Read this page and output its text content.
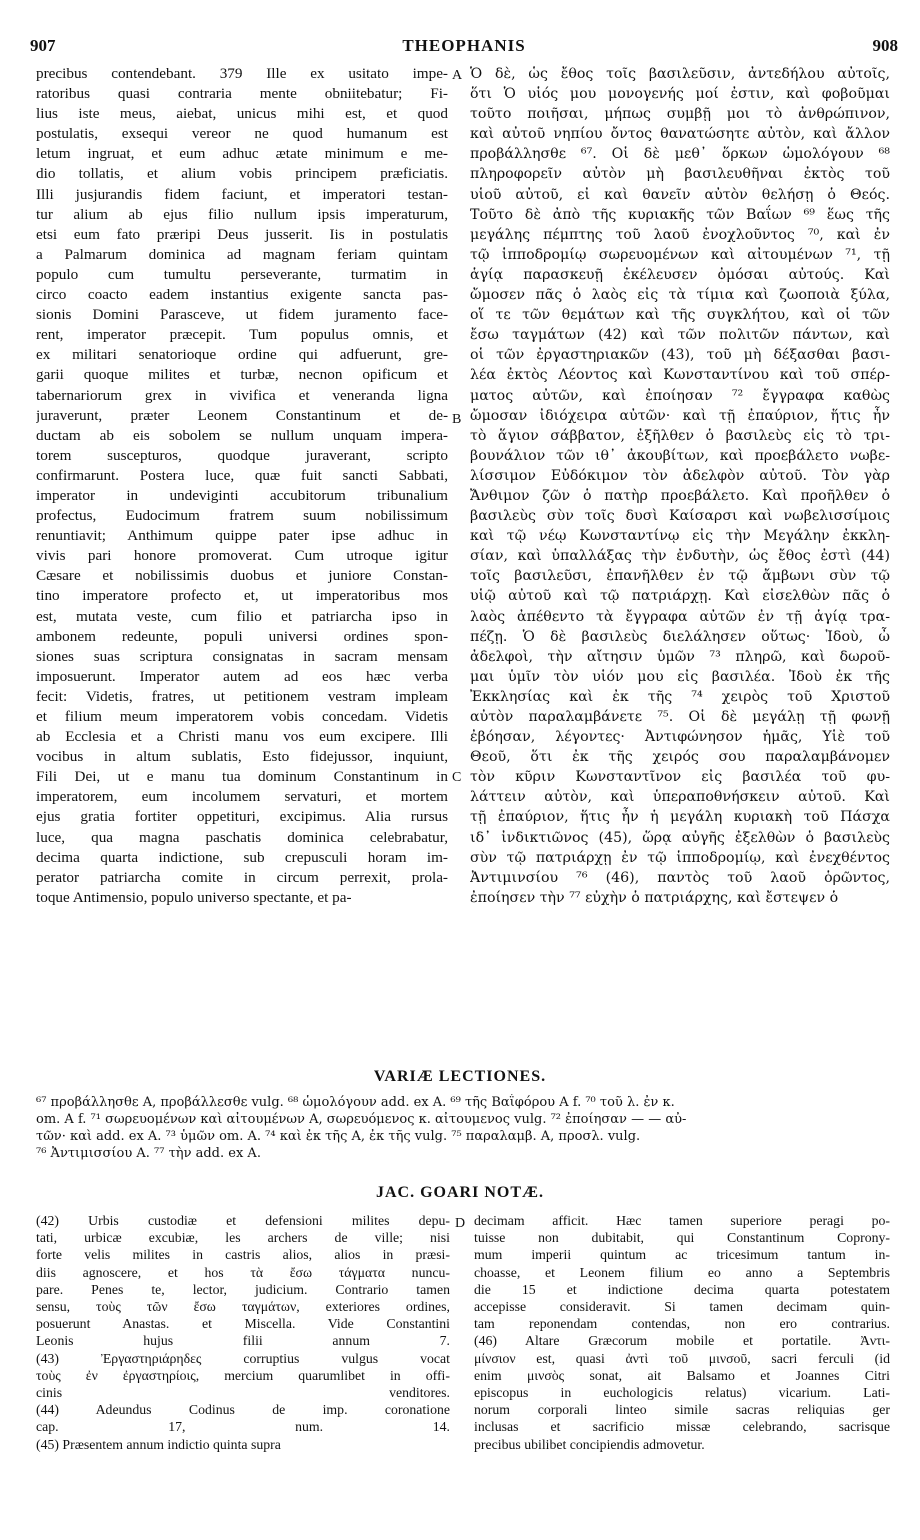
907	THEOPHANIS	908
A
B
C
D
precibus contendebant. 379 Ille ex usitato impe-
ratoribus quasi contraria mente obniitebatur; Fi-
lius iste meus, aiebat, unicus mihi est, et quod
postulatis, exsequi vereor ne quod humanum est
letum ingruat, et eum adhuc ætate minimum e me-
dio tollatis, et alium vobis principem præficiatis.
Illi jusjurandis fidem faciunt, et imperatori testan-
tur alium ab ejus filio nullum ipsis imperaturum,
etsi eum fato præripi Deus jusserit. Iis in postulatis
a Palmarum dominica ad magnam feriam quintam
populo cum tumultu perseverante, turmatim in
circo coacto eadem instantius exigente sancta pas-
sionis Domini Parasceve, ut fidem juramento face-
rent, imperator præcepit. Tum populus omnis, et
ex militari senatorioque ordine qui adfuerunt, gre-
garii quoque milites et turbæ, necnon opificum et
tabernariorum grex in vivifica et veneranda ligna
juraverunt, præter Leonem Constantinum et de-
ductam ab eis sobolem se nullum unquam impera-
torem suscepturos, quodque juraverant, scripto
confirmarunt. Postera luce, quæ fuit sancti Sabbati,
imperator in undeviginti accubitorum tribunalium
profectus, Eudocimum fratrem suum nobilissimum
renuntiavit; Anthimum quippe pater ipse adhuc in
vivis pari honore promoverat. Cum utroque igitur
Cæsare et nobilissimis duobus et juniore Constan-
tino imperatore profecto et, ut imperatoribus mos
est, mutata veste, cum filio et patriarcha ipso in
ambonem redeunte, populi universi ordines spon-
siones suas scriptura consignatas in sacram mensam
imposuerunt. Imperator autem ad eos hæc verba
fecit: Videtis, fratres, ut petitionem vestram impleam
et filium meum imperatorem vobis concedam. Videtis
ab Ecclesia et a Christi manu vos eum excipere. Illi
vocibus in altum sublatis, Esto fidejussor, inquiunt,
Fili Dei, ut e manu tua dominum Constantinum in
imperatorem, eum incolumem servaturi, et mortem
ejus gratia fortiter oppetituri, excipimus. Alia rursus
luce, qua magna paschatis dominica celebrabatur,
decima quarta indictione, sub crepusculi horam im-
perator patriarcha comite in circum perrexit, prola-
toque Antimensio, populo universo spectante, et pa-
Ὁ δὲ, ὡς ἔθος τοῖς βασιλεῦσιν, ἀντεδήλου αὐτοῖς,
ὅτι Ὁ υἱός μου μονογενής μοί ἐστιν, καὶ φοβοῦμαι
τοῦτο ποιῆσαι, μήπως συμβῇ μοι τὸ ἀνθρώπινον,
καὶ αὐτοῦ νηπίου ὄντος θανατώσητε αὐτὸν, καὶ ἄλλον
προβάλλησθε ⁶⁷. Οἱ δὲ μεθ᾽ ὅρκων ὡμολόγουν ⁶⁸
πληροφορεῖν αὐτὸν μὴ βασιλευθῆναι ἐκτὸς τοῦ
υἱοῦ αὐτοῦ, εἰ καὶ θανεῖν αὐτὸν θελήσῃ ὁ Θεός.
Τοῦτο δὲ ἀπὸ τῆς κυριακῆς τῶν Βαΐων ⁶⁹ ἕως τῆς
μεγάλης πέμπτης τοῦ λαοῦ ἐνοχλοῦντος ⁷⁰, καὶ ἐν
τῷ ἱπποδρομίῳ σωρευομένων καὶ αἰτουμένων ⁷¹, τῇ
ἁγίᾳ παρασκευῇ ἐκέλευσεν ὀμόσαι αὐτούς. Καὶ
ὤμοσεν πᾶς ὁ λαὸς εἰς τὰ τίμια καὶ ζωοποιὰ ξύλα,
οἵ τε τῶν θεμάτων καὶ τῆς συγκλήτου, καὶ οἱ τῶν
ἔσω ταγμάτων (42) καὶ τῶν πολιτῶν πάντων, καὶ
οἱ τῶν ἐργαστηριακῶν (43), τοῦ μὴ δέξασθαι βασι-
λέα ἐκτὸς Λέοντος καὶ Κωνσταντίνου καὶ τοῦ σπέρ-
ματος αὐτῶν, καὶ ἐποίησαν ⁷² ἔγγραφα καθὼς
ὤμοσαν ἰδιόχειρα αὐτῶν· καὶ τῇ ἐπαύριον, ἥτις ἦν
τὸ ἅγιον σάββατον, ἐξῆλθεν ὁ βασιλεὺς εἰς τὸ τρι-
βουνάλιον τῶν ιθ᾽ ἀκουβίτων, καὶ προεβάλετο νωβε-
λίσσιμον Εὐδόκιμον τὸν ἀδελφὸν αὐτοῦ. Τὸν γὰρ
Ἄνθιμον ζῶν ὁ πατὴρ προεβάλετο. Καὶ προῆλθεν ὁ
βασιλεὺς σὺν τοῖς δυσὶ Καίσαρσι καὶ νωβελισσίμοις
καὶ τῷ νέῳ Κωνσταντίνῳ εἰς τὴν Μεγάλην ἐκκλη-
σίαν, καὶ ὑπαλλάξας τὴν ἐνδυτὴν, ὡς ἔθος ἐστὶ (44)
τοῖς βασιλεῦσι, ἐπανῆλθεν ἐν τῷ ἄμβωνι σὺν τῷ
υἱῷ αὐτοῦ καὶ τῷ πατριάρχῃ. Καὶ εἰσελθὼν πᾶς ὁ
λαὸς ἀπέθεντο τὰ ἔγγραφα αὐτῶν ἐν τῇ ἁγίᾳ τρα-
πέζῃ. Ὁ δὲ βασιλεὺς διελάλησεν οὕτως· Ἰδοὺ, ὦ
ἀδελφοὶ, τὴν αἴτησιν ὑμῶν ⁷³ πληρῶ, καὶ δωροῦ-
μαι ὑμῖν τὸν υἱόν μου εἰς βασιλέα. Ἰδοὺ ἐκ τῆς
Ἐκκλησίας καὶ ἐκ τῆς ⁷⁴ χειρὸς τοῦ Χριστοῦ
αὐτὸν παραλαμβάνετε ⁷⁵. Οἱ δὲ μεγάλῃ τῇ φωνῇ
ἐβόησαν, λέγοντες· Ἀντιφώνησον ἡμᾶς, Υἱὲ τοῦ
Θεοῦ, ὅτι ἐκ τῆς χειρός σου παραλαμβάνομεν
τὸν κῦριν Κωνσταντῖνον εἰς βασιλέα τοῦ φυ-
λάττειν αὐτὸν, καὶ ὑπεραποθνήσκειν αὐτοῦ. Καὶ
τῇ ἐπαύριον, ἥτις ἦν ἡ μεγάλη κυριακὴ τοῦ Πάσχα
ιδ᾽ ἰνδικτιῶνος (45), ὥρᾳ αὐγῆς ἐξελθὼν ὁ βασιλεὺς
σὺν τῷ πατριάρχῃ ἐν τῷ ἱπποδρομίῳ, καὶ ἐνεχθέντος
Ἀντιμινσίου ⁷⁶ (46), παντὸς τοῦ λαοῦ ὁρῶντος,
ἐποίησεν τὴν ⁷⁷ εὐχὴν ὁ πατριάρχης, καὶ ἔστεψεν ὁ
VARIÆ LECTIONES.
⁶⁷ προβάλλησθε A, προβάλλεσθε vulg. ⁶⁸ ὡμολόγουν add. ex A. ⁶⁹ τῆς Βαΐφόρου A f. ⁷⁰ τοῦ λ. ἐν κ.
om. A f. ⁷¹ σωρευομένων καὶ αἰτουμένων A, σωρευόμενος κ. αἰτουμενος vulg. ⁷² ἐποίησαν — — αὐ-
τῶν· καὶ add. ex A. ⁷³ ὑμῶν om. A. ⁷⁴ καὶ ἐκ τῆς A, ἐκ τῆς vulg. ⁷⁵ παραλαμβ. A, προσλ. vulg.
⁷⁶ Ἀντιμισσίου A. ⁷⁷ τὴν add. ex A.
JAC. GOARI NOTÆ.
(42) Urbis custodiæ et defensioni milites depu-
tati, urbicæ excubiæ, les archers de ville; nisi
forte velis milites in castris alios, alios in præsi-
diis agnoscere, et hos τὰ ἔσω τάγματα nuncu-
pare. Penes te, lector, judicium. Contrario tamen
sensu, τοὺς τῶν ἔσω ταγμάτων, exteriores ordines,
posuerunt Anastas. et Miscella. Vide Constantini
Leonis hujus filii annum 7.
(43) Ἐργαστηριάρηδες corruptius vulgus vocat
τοὺς ἐν ἐργαστηρίοις, mercium quarumlibet in offi-
cinis venditores.
(44) Adeundus Codinus de imp. coronatione
cap. 17, num. 14.
(45) Præsentem annum indictio quinta supra
decimam afficit. Hæc tamen superiore peragi po-
tuisse non dubitabit, qui Constantinum Coprony-
mum imperii quintum ac tricesimum tantum in-
choasse, et Leonem filium eo anno a Septembris
die 15 et indictione decima quarta potestatem
accepisse consideravit. Si tamen decimam quin-
tam reponendam contendas, non ero contrarius.
(46) Altare Græcorum mobile et portatile. Ἀντι-
μίνσιον est, quasi ἀντὶ τοῦ μινσοῦ, sacri ferculi (id
enim μινσὸς sonat, ait Balsamo et Joannes Citri
episcopus in euchologicis relatus) vicarium. Lati-
norum corporali linteo simile sacras reliquias ger
inclusas et sacrificio missæ celebrando, sacrisque
precibus ubilibet concipiendis admovetur.
